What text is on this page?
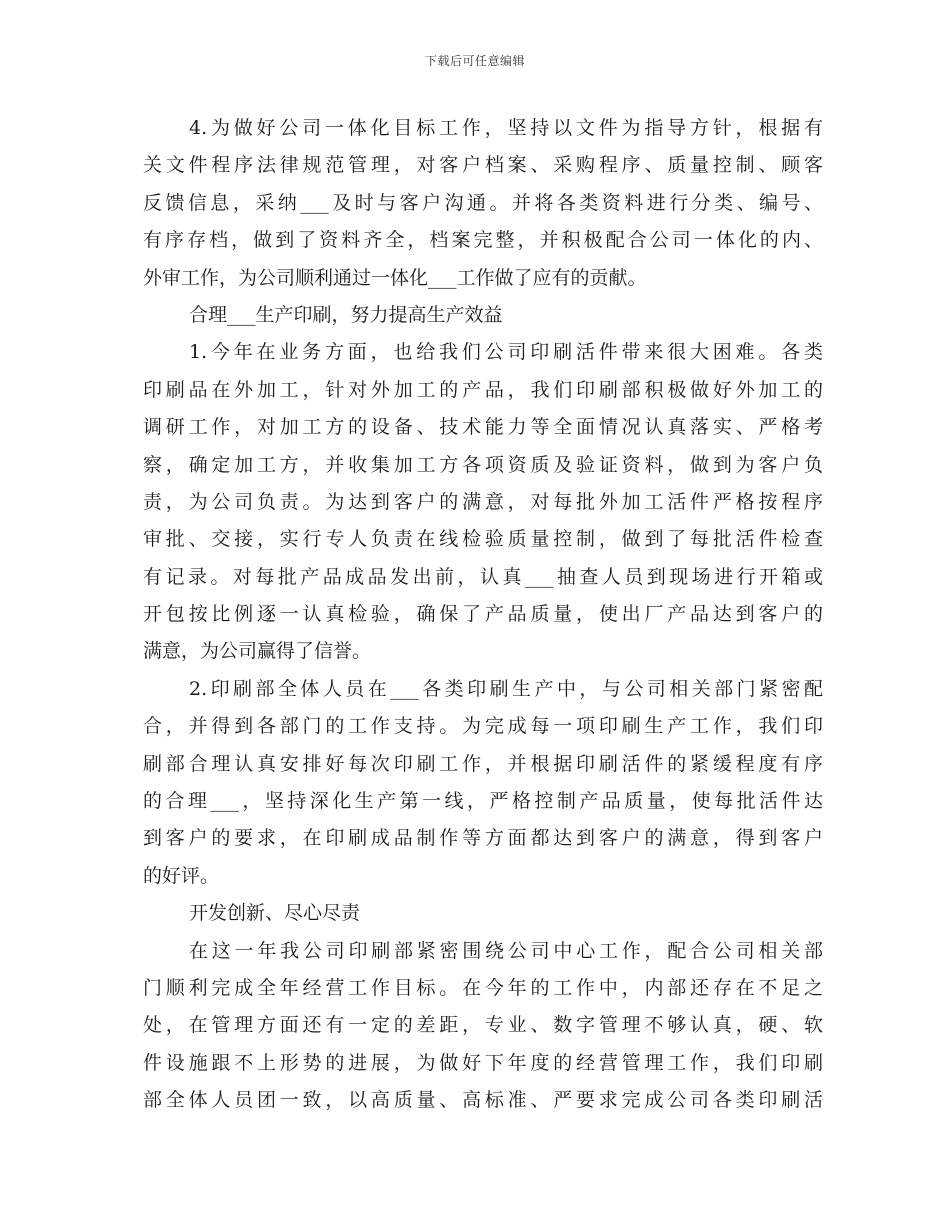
下载后可任意编辑
4.为做好公司一体化目标工作，坚持以文件为指导方针，根据有
关文件程序法律规范管理，对客户档案、采购程序、质量控制、顾客
反馈信息，采纳___及时与客户沟通。并将各类资料进行分类、编号、
有序存档，做到了资料齐全，档案完整，并积极配合公司一体化的内、
外审工作，为公司顺利通过一体化___工作做了应有的贡献。
合理___生产印刷，努力提高生产效益
1.今年在业务方面，也给我们公司印刷活件带来很大困难。各类
印刷品在外加工，针对外加工的产品，我们印刷部积极做好外加工的
调研工作，对加工方的设备、技术能力等全面情况认真落实、严格考
察，确定加工方，并收集加工方各项资质及验证资料，做到为客户负
责，为公司负责。为达到客户的满意，对每批外加工活件严格按程序
审批、交接，实行专人负责在线检验质量控制，做到了每批活件检查
有记录。对每批产品成品发出前，认真___抽查人员到现场进行开箱或
开包按比例逐一认真检验，确保了产品质量，使出厂产品达到客户的
满意，为公司赢得了信誉。
2.印刷部全体人员在___各类印刷生产中，与公司相关部门紧密配
合，并得到各部门的工作支持。为完成每一项印刷生产工作，我们印
刷部合理认真安排好每次印刷工作，并根据印刷活件的紧缓程度有序
的合理___，坚持深化生产第一线，严格控制产品质量，使每批活件达
到客户的要求，在印刷成品制作等方面都达到客户的满意，得到客户
的好评。
开发创新、尽心尽责
在这一年我公司印刷部紧密围绕公司中心工作，配合公司相关部
门顺利完成全年经营工作目标。在今年的工作中，内部还存在不足之
处，在管理方面还有一定的差距，专业、数字管理不够认真，硬、软
件设施跟不上形势的进展，为做好下年度的经营管理工作，我们印刷
部全体人员团一致，以高质量、高标准、严要求完成公司各类印刷活
